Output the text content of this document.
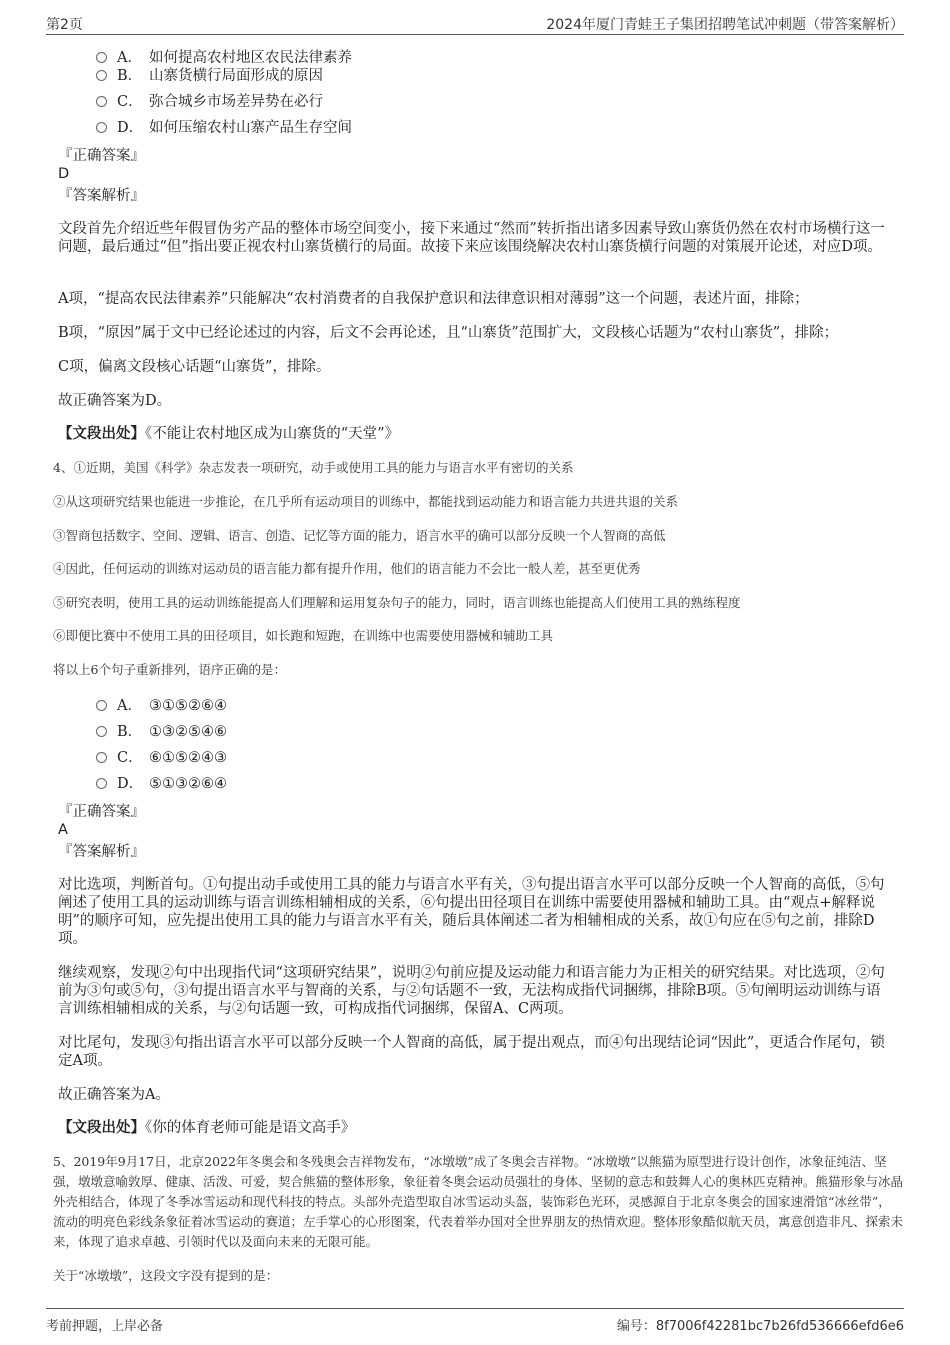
第2页	2024年厦门青蛙王子集团招聘笔试冲刺题（带答案解析）
A． 如何提高农村地区农民法律素养
B． 山寨货横行局面形成的原因
C． 弥合城乡市场差异势在必行
D． 如何压缩农村山寨产品生存空间
『正确答案』
D
『答案解析』
文段首先介绍近些年假冒伪劣产品的整体市场空间变小，接下来通过“然而”转折指出诸多因素导致山寨货仍然在农村市场横行这一问题，最后通过“但”指出要正视农村山寨货横行的局面。故接下来应该围绕解决农村山寨货横行问题的对策展开论述，对应D项。
A项，“提高农民法律素养”只能解决“农村消费者的自我保护意识和法律意识相对薄弱”这一个问题，表述片面，排除；
B项，“原因”属于文中已经论述过的内容，后文不会再论述，且“山寨货”范围扩大，文段核心话题为“农村山寨货”，排除；
C项，偏离文段核心话题“山寨货”，排除。
故正确答案为D。
【文段出处】《不能让农村地区成为山寨货的“天堂”》
4、①近期，美国《科学》杂志发表一项研究，动手或使用工具的能力与语言水平有密切的关系
②从这项研究结果也能进一步推论，在几乎所有运动项目的训练中，都能找到运动能力和语言能力共进共退的关系
③智商包括数字、空间、逻辑、语言、创造、记忆等方面的能力，语言水平的确可以部分反映一个人智商的高低
④因此，任何运动的训练对运动员的语言能力都有提升作用，他们的语言能力不会比一般人差，甚至更优秀
⑤研究表明，使用工具的运动训练能提高人们理解和运用复杂句子的能力，同时，语言训练也能提高人们使用工具的熟练程度
⑥即便比赛中不使用工具的田径项目，如长跑和短跑，在训练中也需要使用器械和辅助工具
将以上6个句子重新排列，语序正确的是：
A． ③①⑤②⑥④
B． ①③②⑤④⑥
C． ⑥①⑤②④③
D． ⑤①③②⑥④
『正确答案』
A
『答案解析』
对比选项，判断首句。①句提出动手或使用工具的能力与语言水平有关，③句提出语言水平可以部分反映一个人智商的高低，⑤句阐述了使用工具的运动训练与语言训练相辅相成的关系，⑥句提出田径项目在训练中需要使用器械和辅助工具。由“观点+解释说明”的顺序可知，应先提出使用工具的能力与语言水平有关，随后具体阐述二者为相辅相成的关系，故①句应在⑤句之前，排除D项。
继续观察，发现②句中出现指代词“这项研究结果”，说明②句前应提及运动能力和语言能力为正相关的研究结果。对比选项，②句前为③句或⑤句，③句提出语言水平与智商的关系，与②句话题不一致，无法构成指代词捆绑，排除B项。⑤句阐明运动训练与语言训练相辅相成的关系，与②句话题一致，可构成指代词捆绑，保留A、C两项。
对比尾句，发现③句指出语言水平可以部分反映一个人智商的高低，属于提出观点，而④句出现结论词“因此”，更适合作尾句，锁定A项。
故正确答案为A。
【文段出处】《你的体育老师可能是语文高手》
5、2019年9月17日，北京2022年冬奥会和冬残奥会吉祥物发布，“冰墩墩”成了冬奥会吉祥物。“冰墩墩”以熊猫为原型进行设计创作，冰象征纯洁、坚强，墩墩意喻敦厚、健康、活泼、可爱，契合熊猫的整体形象，象征着冬奥会运动员强壮的身体、坚韧的意志和鼓舞人心的奥林匹克精神。熊猫形象与冰晶外壳相结合，体现了冬季冰雪运动和现代科技的特点。头部外壳造型取自冰雪运动头盔，装饰彩色光环，灵感源自于北京冬奥会的国家速滑馆“冰丝带”，流动的明亮色彩线条象征着冰雪运动的赛道；左手掌心的心形图案，代表着举办国对全世界朋友的热情欢迎。整体形象酷似航天员，寓意创造非凡、探索未来，体现了追求卓越、引领时代以及面向未来的无限可能。
关于“冰墩墩”，这段文字没有提到的是：
考前押题，上岸必备	编号：8f7006f42281bc7b26fd536666efd6e6
